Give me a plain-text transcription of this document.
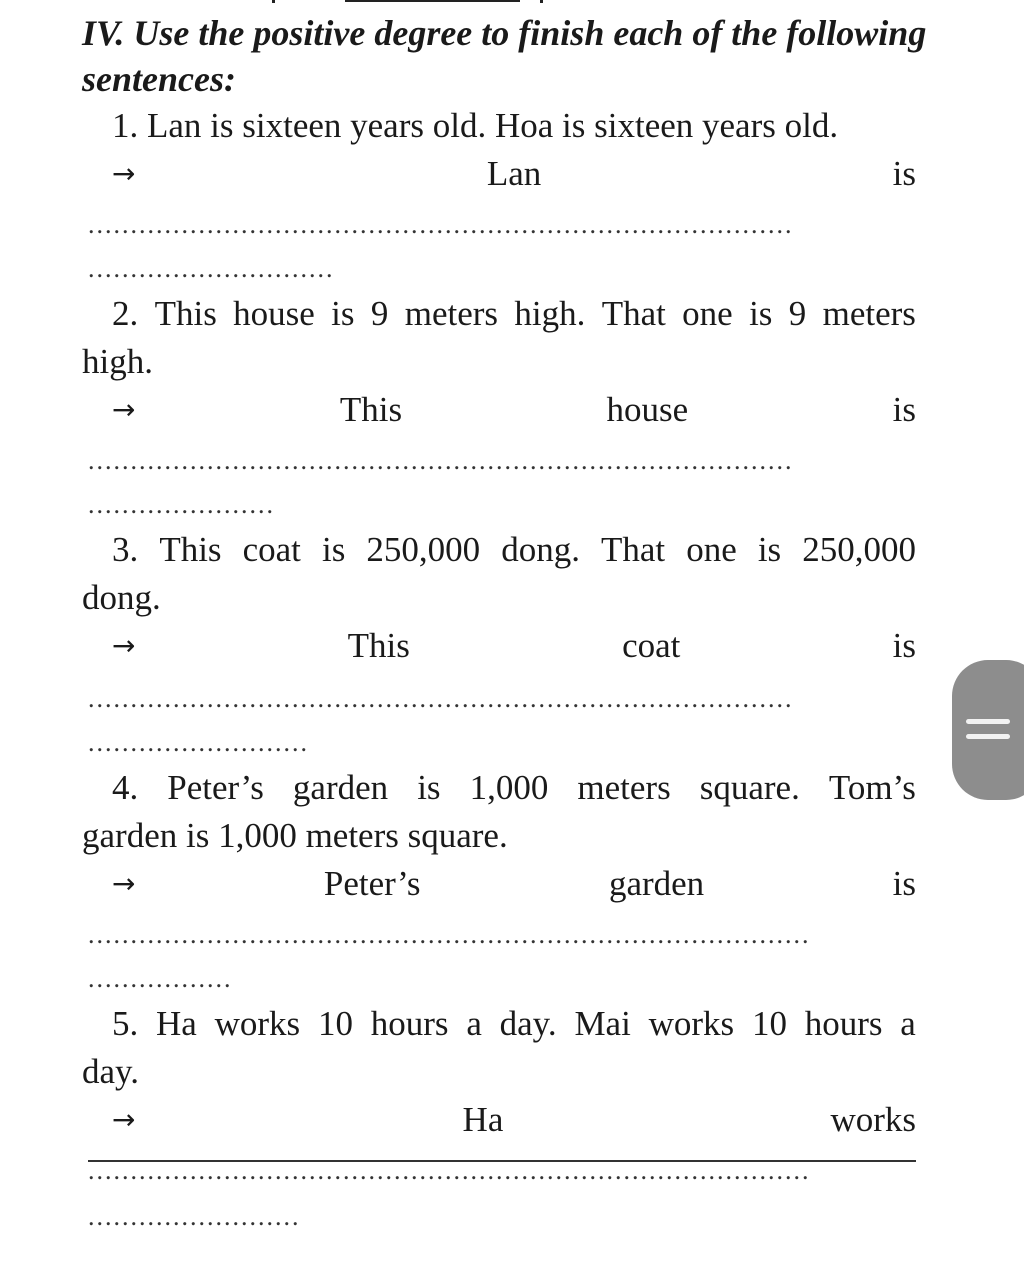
IV. Use the positive degree to finish each of the following sentences:
1. Lan is sixteen years old. Hoa is sixteen years old.
→	Lan	is
...................................................................................
.............................
2. This house is 9 meters high. That one is 9 meters
high.
→	This	house	is
...................................................................................
......................
3. This coat is 250,000 dong. That one is 250,000
dong.
→	This	coat	is
...................................................................................
..........................
4. Peter’s garden is 1,000 meters square. Tom’s
garden is 1,000 meters square.
→	Peter’s	garden	is
.....................................................................................
.................
5. Ha works 10 hours a day. Mai works 10 hours a
day.
→	Ha	works
.....................................................................................
.........................
